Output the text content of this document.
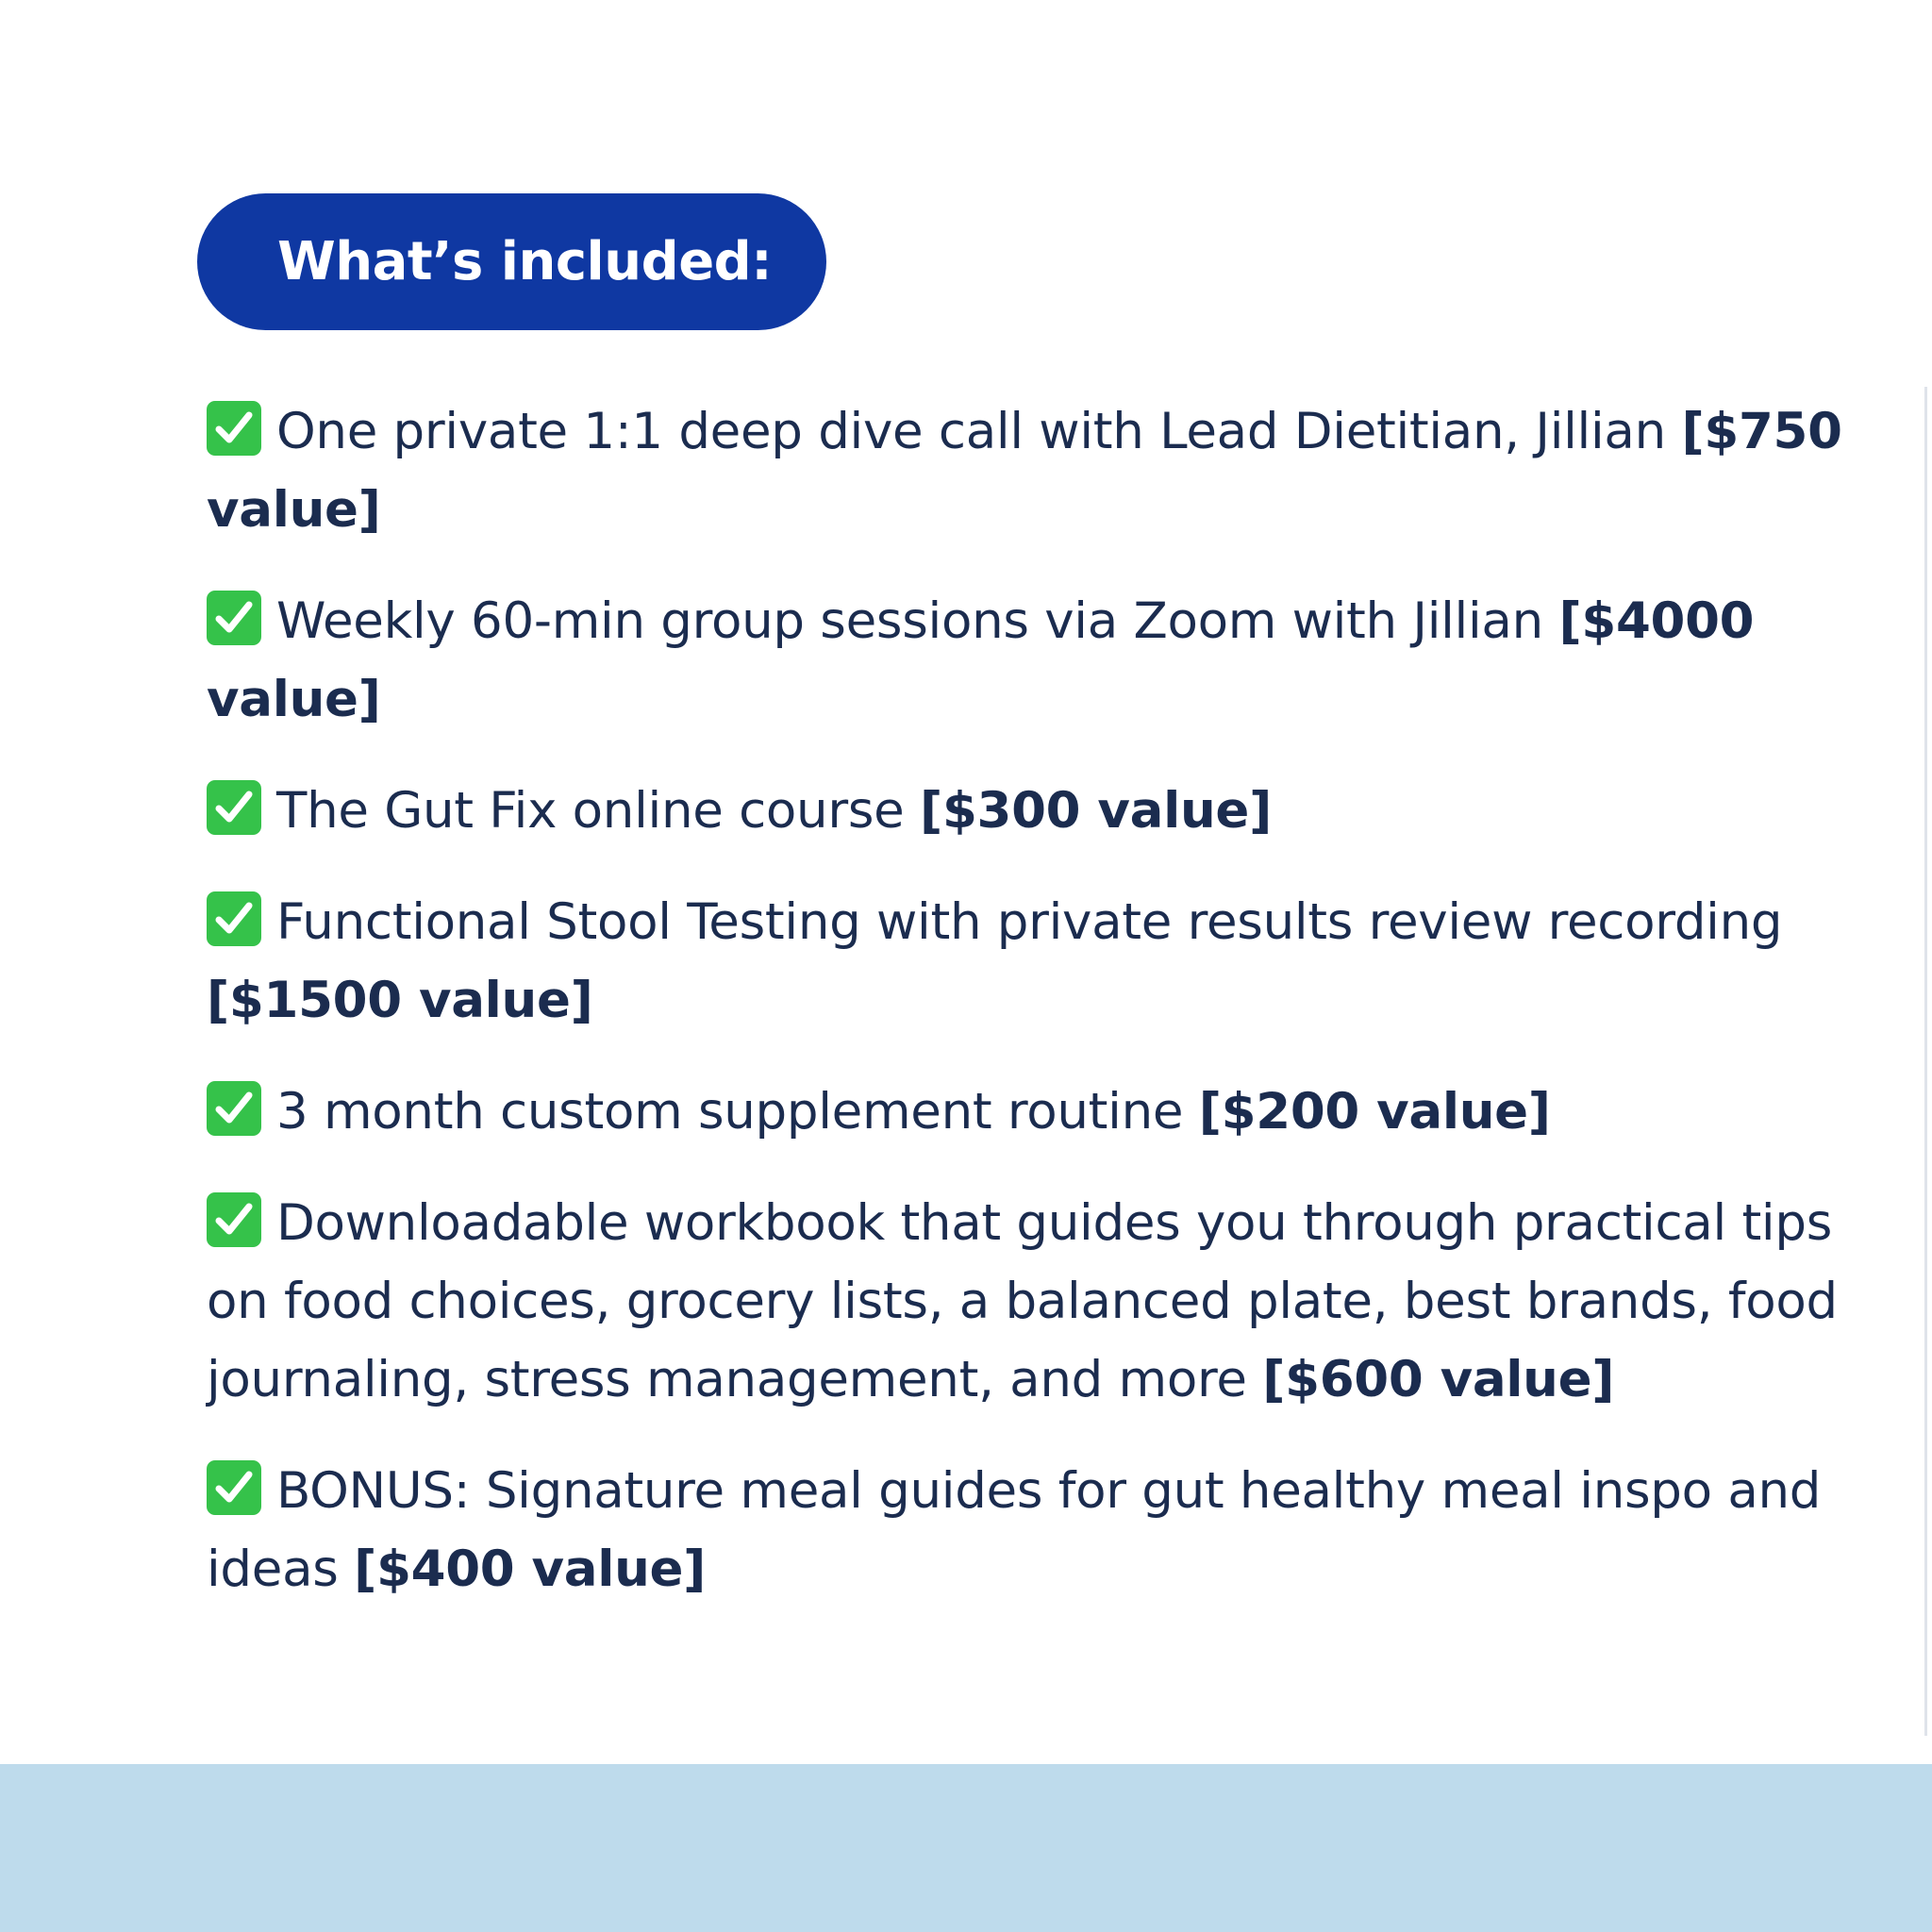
What’s included:

One private 1:1 deep dive call with Lead Dietitian, Jillian [$750 value]

Weekly 60-min group sessions via Zoom with Jillian [$4000 value]

The Gut Fix online course [$300 value]

Functional Stool Testing with private results review recording [$1500 value]

3 month custom supplement routine [$200 value]

Downloadable workbook that guides you through practical tips on food choices, grocery lists, a balanced plate, best brands, food journaling, stress management, and more [$600 value]

BONUS: Signature meal guides for gut healthy meal inspo and ideas [$400 value]
